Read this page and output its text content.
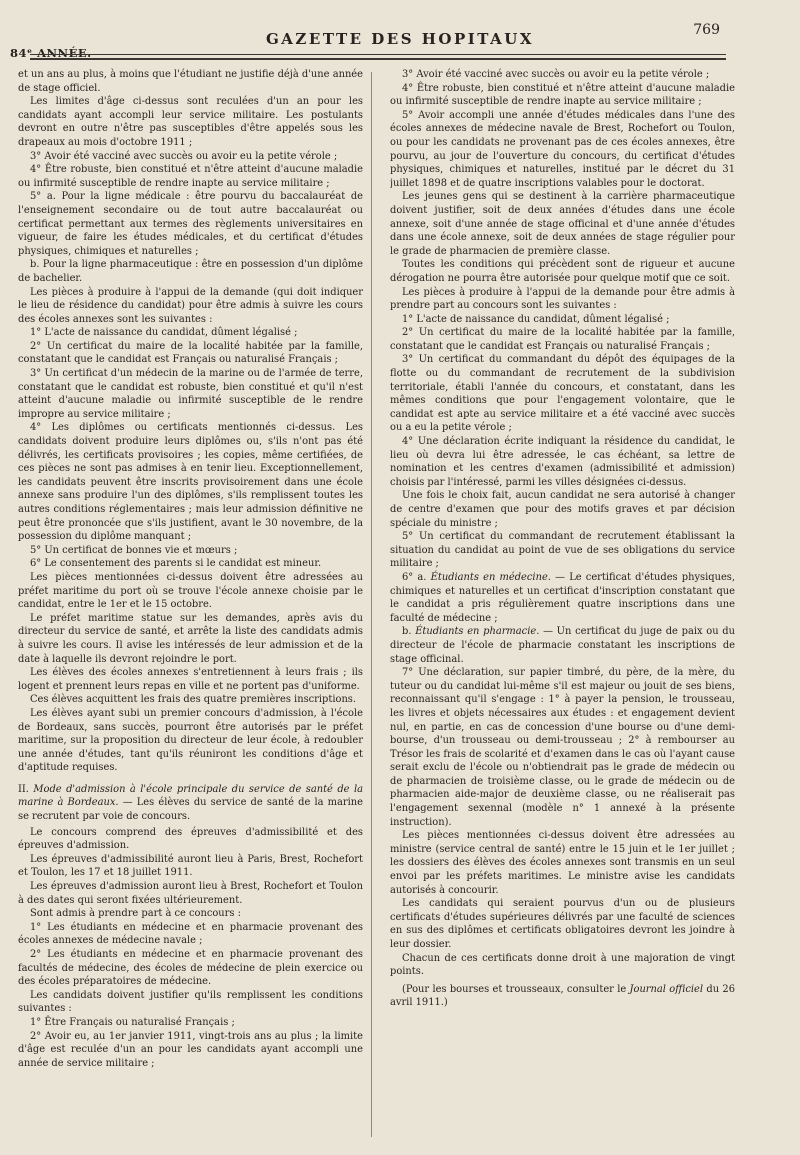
84ᵉ ANNÉE.
GAZETTE DES HOPITAUX	769

et un ans au plus, à moins que l'étudiant ne justifie déjà d'une année de stage officiel.

Les limites d'âge ci-dessus sont reculées d'un an pour les candidats ayant accompli leur service militaire. Les postulants devront en outre n'être pas susceptibles d'être appelés sous les drapeaux au mois d'octobre 1911 ;

3° Avoir été vacciné avec succès ou avoir eu la petite vérole ;

4° Être robuste, bien constitué et n'être atteint d'aucune maladie ou infirmité susceptible de rendre inapte au service militaire ;

5° a. Pour la ligne médicale : être pourvu du baccalauréat de l'enseignement secondaire ou de tout autre baccalauréat ou certificat permettant aux termes des règlements universitaires en vigueur, de faire les études médicales, et du certificat d'études physiques, chimiques et naturelles ;

b. Pour la ligne pharmaceutique : être en possession d'un diplôme de bachelier.

Les pièces à produire à l'appui de la demande (qui doit indiquer le lieu de résidence du candidat) pour être admis à suivre les cours des écoles annexes sont les suivantes :

1° L'acte de naissance du candidat, dûment légalisé ;

2° Un certificat du maire de la localité habitée par la famille, constatant que le candidat est Français ou naturalisé Français ;

3° Un certificat d'un médecin de la marine ou de l'armée de terre, constatant que le candidat est robuste, bien constitué et qu'il n'est atteint d'aucune maladie ou infirmité susceptible de le rendre impropre au service militaire ;

4° Les diplômes ou certificats mentionnés ci-dessus. Les candidats doivent produire leurs diplômes ou, s'ils n'ont pas été délivrés, les certificats provisoires ; les copies, même certifiées, de ces pièces ne sont pas admises à en tenir lieu. Exceptionnellement, les candidats peuvent être inscrits provisoirement dans une école annexe sans produire l'un des diplômes, s'ils remplissent toutes les autres conditions réglementaires ; mais leur admission définitive ne peut être prononcée que s'ils justifient, avant le 30 novembre, de la possession du diplôme manquant ;

5° Un certificat de bonnes vie et mœurs ;

6° Le consentement des parents si le candidat est mineur.

Les pièces mentionnées ci-dessus doivent être adressées au préfet maritime du port où se trouve l'école annexe choisie par le candidat, entre le 1er et le 15 octobre.

Le préfet maritime statue sur les demandes, après avis du directeur du service de santé, et arrête la liste des candidats admis à suivre les cours. Il avise les intéressés de leur admission et de la date à laquelle ils devront rejoindre le port.

Les élèves des écoles annexes s'entretiennent à leurs frais ; ils logent et prennent leurs repas en ville et ne portent pas d'uniforme.

Ces élèves acquittent les frais des quatre premières inscriptions.

Les élèves ayant subi un premier concours d'admission, à l'école de Bordeaux, sans succès, pourront être autorisés par le préfet maritime, sur la proposition du directeur de leur école, à redoubler une année d'études, tant qu'ils réuniront les conditions d'âge et d'aptitude requises.

II. Mode d'admission à l'école principale du service de santé de la marine à Bordeaux. — Les élèves du service de santé de la marine se recrutent par voie de concours.

Le concours comprend des épreuves d'admissibilité et des épreuves d'admission.

Les épreuves d'admissibilité auront lieu à Paris, Brest, Rochefort et Toulon, les 17 et 18 juillet 1911.

Les épreuves d'admission auront lieu à Brest, Rochefort et Toulon à des dates qui seront fixées ultérieurement.

Sont admis à prendre part à ce concours :

1° Les étudiants en médecine et en pharmacie provenant des écoles annexes de médecine navale ;

2° Les étudiants en médecine et en pharmacie provenant des facultés de médecine, des écoles de médecine de plein exercice ou des écoles préparatoires de médecine.

Les candidats doivent justifier qu'ils remplissent les conditions suivantes :

1° Être Français ou naturalisé Français ;

2° Avoir eu, au 1er janvier 1911, vingt-trois ans au plus ; la limite d'âge est reculée d'un an pour les candidats ayant accompli une année de service militaire ;

3° Avoir été vacciné avec succès ou avoir eu la petite vérole ;

4° Être robuste, bien constitué et n'être atteint d'aucune maladie ou infirmité susceptible de rendre inapte au service militaire ;

5° Avoir accompli une année d'études médicales dans l'une des écoles annexes de médecine navale de Brest, Rochefort ou Toulon, ou pour les candidats ne provenant pas de ces écoles annexes, être pourvu, au jour de l'ouverture du concours, du certificat d'études physiques, chimiques et naturelles, institué par le décret du 31 juillet 1898 et de quatre inscriptions valables pour le doctorat.

Les jeunes gens qui se destinent à la carrière pharmaceutique doivent justifier, soit de deux années d'études dans une école annexe, soit d'une année de stage officinal et d'une année d'études dans une école annexe, soit de deux années de stage régulier pour le grade de pharmacien de première classe.

Toutes les conditions qui précèdent sont de rigueur et aucune dérogation ne pourra être autorisée pour quelque motif que ce soit.

Les pièces à produire à l'appui de la demande pour être admis à prendre part au concours sont les suivantes :

1° L'acte de naissance du candidat, dûment légalisé ;

2° Un certificat du maire de la localité habitée par la famille, constatant que le candidat est Français ou naturalisé Français ;

3° Un certificat du commandant du dépôt des équipages de la flotte ou du commandant de recrutement de la subdivision territoriale, établi l'année du concours, et constatant, dans les mêmes conditions que pour l'engagement volontaire, que le candidat est apte au service militaire et a été vacciné avec succès ou a eu la petite vérole ;

4° Une déclaration écrite indiquant la résidence du candidat, le lieu où devra lui être adressée, le cas échéant, sa lettre de nomination et les centres d'examen (admissibilité et admission) choisis par l'intéressé, parmi les villes désignées ci-dessus.

Une fois le choix fait, aucun candidat ne sera autorisé à changer de centre d'examen que pour des motifs graves et par décision spéciale du ministre ;

5° Un certificat du commandant de recrutement établissant la situation du candidat au point de vue de ses obligations du service militaire ;

6° a. Étudiants en médecine. — Le certificat d'études physiques, chimiques et naturelles et un certificat d'inscription constatant que le candidat a pris régulièrement quatre inscriptions dans une faculté de médecine ;

b. Étudiants en pharmacie. — Un certificat du juge de paix ou du directeur de l'école de pharmacie constatant les inscriptions de stage officinal.

7° Une déclaration, sur papier timbré, du père, de la mère, du tuteur ou du candidat lui-même s'il est majeur ou jouit de ses biens, reconnaissant qu'il s'engage : 1° à payer la pension, le trousseau, les livres et objets nécessaires aux études : et engagement devient nul, en partie, en cas de concession d'une bourse ou d'une demi-bourse, d'un trousseau ou demi-trousseau ; 2° à rembourser au Trésor les frais de scolarité et d'examen dans le cas où l'ayant cause serait exclu de l'école ou n'obtiendrait pas le grade de médecin ou de pharmacien de troisième classe, ou le grade de médecin ou de pharmacien aide-major de deuxième classe, ou ne réaliserait pas l'engagement sexennal (modèle n° 1 annexé à la présente instruction).

Les pièces mentionnées ci-dessus doivent être adressées au ministre (service central de santé) entre le 15 juin et le 1er juillet ; les dossiers des élèves des écoles annexes sont transmis en un seul envoi par les préfets maritimes. Le ministre avise les candidats autorisés à concourir.

Les candidats qui seraient pourvus d'un ou de plusieurs certificats d'études supérieures délivrés par une faculté de sciences en sus des diplômes et certificats obligatoires devront les joindre à leur dossier.

Chacun de ces certificats donne droit à une majoration de vingt points.

(Pour les bourses et trousseaux, consulter le Journal officiel du 26 avril 1911.)
